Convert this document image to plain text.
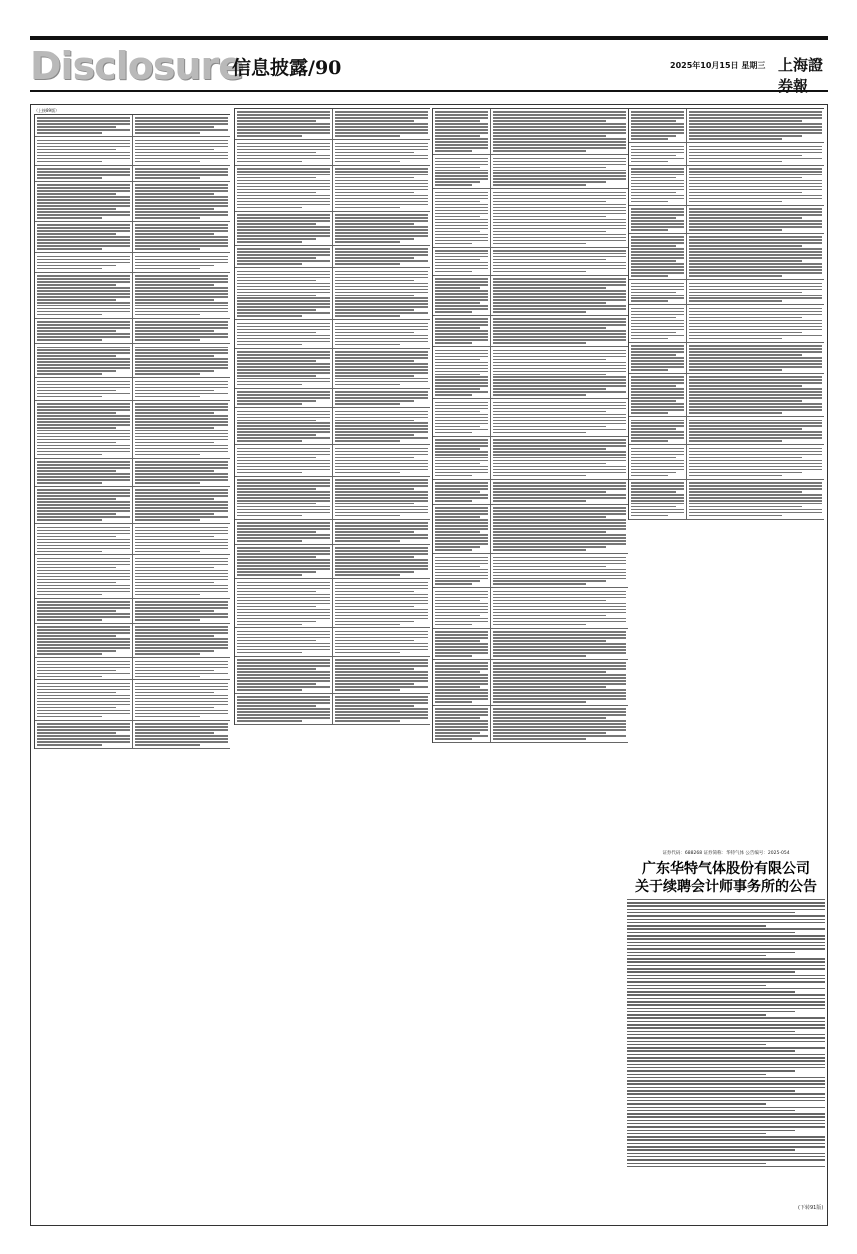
Disclosure
信息披露/90	2025年10月15日 星期三 上海證券報
（上接89版）
证券代码：688268 证券简称：华特气体 公告编号：2025-054
广东华特气体股份有限公司
关于续聘会计师事务所的公告
(下转91版)
